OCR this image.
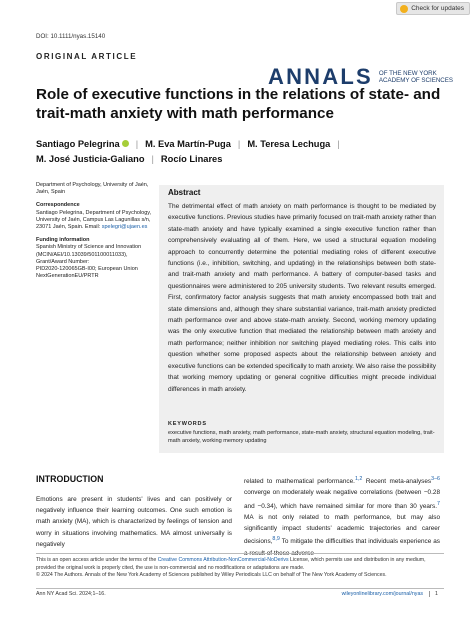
Check for updates
DOI: 10.1111/nyas.15140
ORIGINAL ARTICLE
ANNALS OF THE NEW YORK
ACADEMY OF SCIENCES
Role of executive functions in the relations of state- and trait-math anxiety with math performance
Santiago Pelegrina | M. Eva Martín-Puga | M. Teresa Lechuga |
M. José Justicia-Galiano | Rocío Linares
Department of Psychology, University of Jaén,
Jaén, Spain
Correspondence
Santiago Pelegrina, Department of Psychology,
University of Jaén, Campus Las Lagunillas s/n,
23071 Jaén, Spain. Email: spelegri@ujaen.es
Funding information
Spanish Ministry of Science and Innovation
(MCIN/AEI/10.13039/501100011033),
Grant/Award Number:
PID2020-120065GB-I00; European Union
NextGenerationEU/PRTR
Abstract
The detrimental effect of math anxiety on math performance is thought to be mediated by executive functions. Previous studies have primarily focused on trait-math anxiety rather than state-math anxiety and have typically examined a single executive function rather than comprehensively evaluating all of them. Here, we used a structural equation modeling approach to concurrently determine the potential mediating roles of different executive functions (i.e., inhibition, switching, and updating) in the relationships between both state- and trait-math anxiety and math performance. A battery of computer-based tasks and questionnaires were administered to 205 university students. Two relevant results emerged. First, confirmatory factor analysis suggests that math anxiety encompassed both trait and state dimensions and, although they share substantial variance, trait-math anxiety predicted math performance over and above state-math anxiety. Second, working memory updating was the only executive function that mediated the relationship between math anxiety and math performance; neither inhibition nor switching played mediating roles. This calls into question whether some proposed aspects about the relationship between anxiety and executive functions can be extended specifically to math anxiety. We also raise the possibility that working memory updating or general cognitive difficulties might precede individual differences in math anxiety.
KEYWORDS
executive functions, math anxiety, math performance, state-math anxiety, structural equation modeling, trait-math anxiety, working memory updating
INTRODUCTION
Emotions are present in students' lives and can positively or negatively influence their learning outcomes. One such emotion is math anxiety (MA), which is characterized by feelings of tension and worry in situations involving mathematics. MA almost universally is negatively
related to mathematical performance.$^{1,2}$ Recent meta-analyses$^{3-6}$ converge on moderately weak negative correlations (between −0.28 and −0.34), which have remained similar for more than 30 years.$^7$ MA is not only related to math performance, but may also significantly impact students' academic trajectories and career decisions,$^{8,9}$ To mitigate the difficulties that individuals experience as a result of these adverse
This is an open access article under the terms of the Creative Commons Attribution-NonCommercial-NoDerivs License, which permits use and distribution in any medium, provided the original work is properly cited, the use is non-commercial and no modifications or adaptations are made.
© 2024 The Authors. Annals of the New York Academy of Sciences published by Wiley Periodicals LLC on behalf of The New York Academy of Sciences.
Ann NY Acad Sci. 2024;1–16.	wileyonlinelibrary.com/journal/nyas 1
